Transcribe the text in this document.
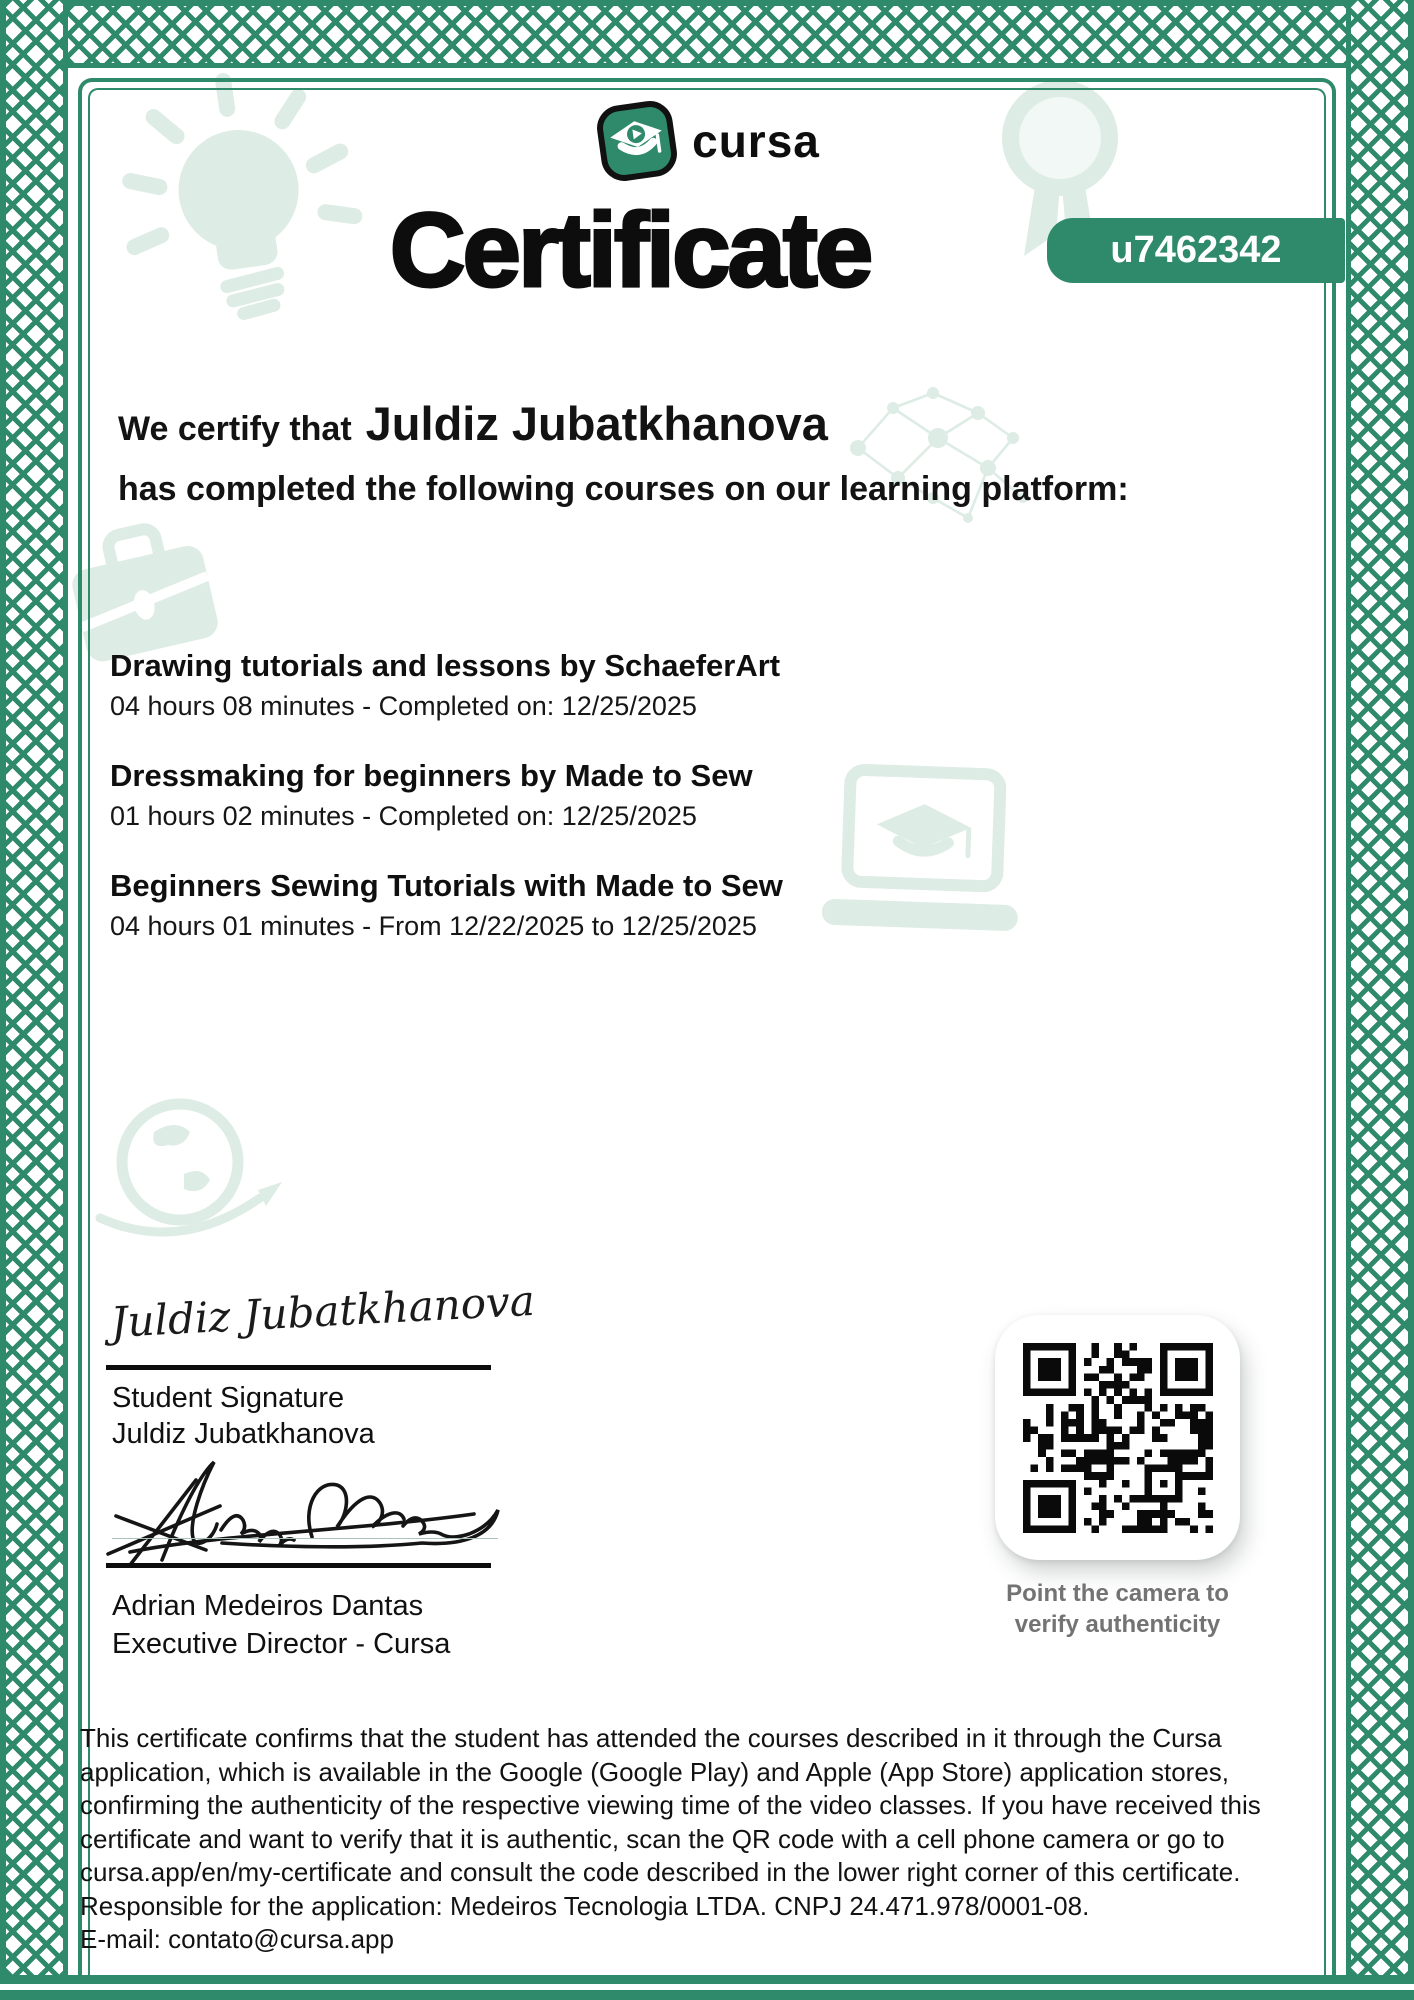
cursa
Certificate	u7462342
We certify that Juldiz Jubatkhanova
has completed the following courses on our learning platform:
Drawing tutorials and lessons by SchaeferArt
04 hours 08 minutes - Completed on: 12/25/2025
Dressmaking for beginners by Made to Sew
01 hours 02 minutes - Completed on: 12/25/2025
Beginners Sewing Tutorials with Made to Sew
04 hours 01 minutes - From 12/22/2025 to 12/25/2025
Juldiz Jubatkhanova
Student Signature
Juldiz Jubatkhanova
Adrian Medeiros Dantas
Executive Director - Cursa
Point the camera to
verify authenticity
This certificate confirms that the student has attended the courses described in it through the Cursa application, which is available in the Google (Google Play) and Apple (App Store) application stores, confirming the authenticity of the respective viewing time of the video classes. If you have received this certificate and want to verify that it is authentic, scan the QR code with a cell phone camera or go to cursa.app/en/my-certificate and consult the code described in the lower right corner of this certificate. Responsible for the application: Medeiros Tecnologia LTDA. CNPJ 24.471.978/0001-08.
E-mail: contato@cursa.app
